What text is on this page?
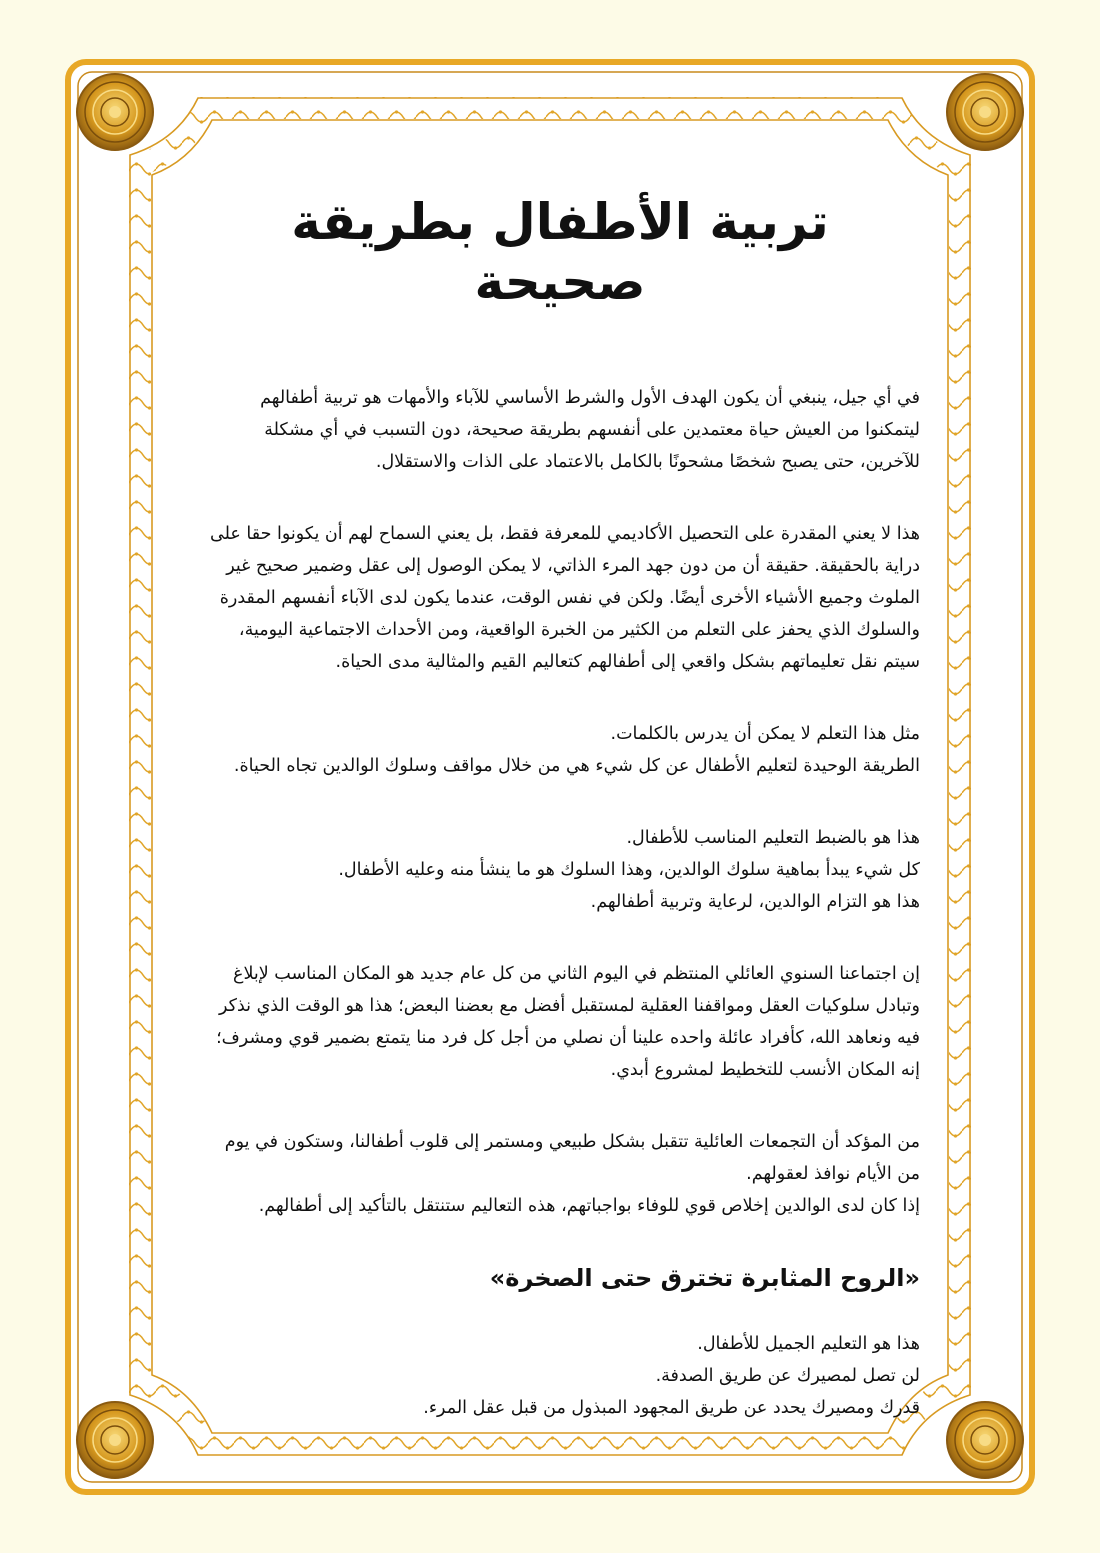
تربية الأطفال بطريقة صحيحة

في أي جيل، ينبغي أن يكون الهدف الأول والشرط الأساسي للآباء والأمهات هو تربية أطفالهم ليتمكنوا من العيش حياة معتمدين على أنفسهم بطريقة صحيحة، دون التسبب في أي مشكلة للآخرين، حتى يصبح شخصًا مشحونًا بالكامل بالاعتماد على الذات والاستقلال.

هذا لا يعني المقدرة على التحصيل الأكاديمي للمعرفة فقط، بل يعني السماح لهم أن يكونوا حقا على دراية بالحقيقة. حقيقة أن من دون جهد المرء الذاتي، لا يمكن الوصول إلى عقل وضمير صحيح غير الملوث وجميع الأشياء الأخرى أيضًا. ولكن في نفس الوقت، عندما يكون لدى الآباء أنفسهم المقدرة والسلوك الذي يحفز على التعلم من الكثير من الخبرة الواقعية، ومن الأحداث الاجتماعية اليومية، سيتم نقل تعليماتهم بشكل واقعي إلى أطفالهم كتعاليم القيم والمثالية مدى الحياة.

مثل هذا التعلم لا يمكن أن يدرس بالكلمات.
الطريقة الوحيدة لتعليم الأطفال عن كل شيء هي من خلال مواقف وسلوك الوالدين تجاه الحياة.

هذا هو بالضبط التعليم المناسب للأطفال.
كل شيء يبدأ بماهية سلوك الوالدين، وهذا السلوك هو ما ينشأ منه وعليه الأطفال.
هذا هو التزام الوالدين، لرعاية وتربية أطفالهم.

إن اجتماعنا السنوي العائلي المنتظم في اليوم الثاني من كل عام جديد هو المكان المناسب لإبلاغ وتبادل سلوكيات العقل ومواقفنا العقلية لمستقبل أفضل مع بعضنا البعض؛ هذا هو الوقت الذي نذكر فيه ونعاهد الله، كأفراد عائلة واحده علينا أن نصلي من أجل كل فرد منا يتمتع بضمير قوي ومشرف؛ إنه المكان الأنسب للتخطيط لمشروع أبدي.

من المؤكد أن التجمعات العائلية تتقبل بشكل طبيعي ومستمر إلى قلوب أطفالنا، وستكون في يوم من الأيام نوافذ لعقولهم.
إذا كان لدى الوالدين إخلاص قوي للوفاء بواجباتهم، هذه التعاليم ستنتقل بالتأكيد إلى أطفالهم.

«الروح المثابرة تخترق حتى الصخرة»

هذا هو التعليم الجميل للأطفال.
لن تصل لمصيرك عن طريق الصدفة.
قدرك ومصيرك يحدد عن طريق المجهود المبذول من قبل عقل المرء.
